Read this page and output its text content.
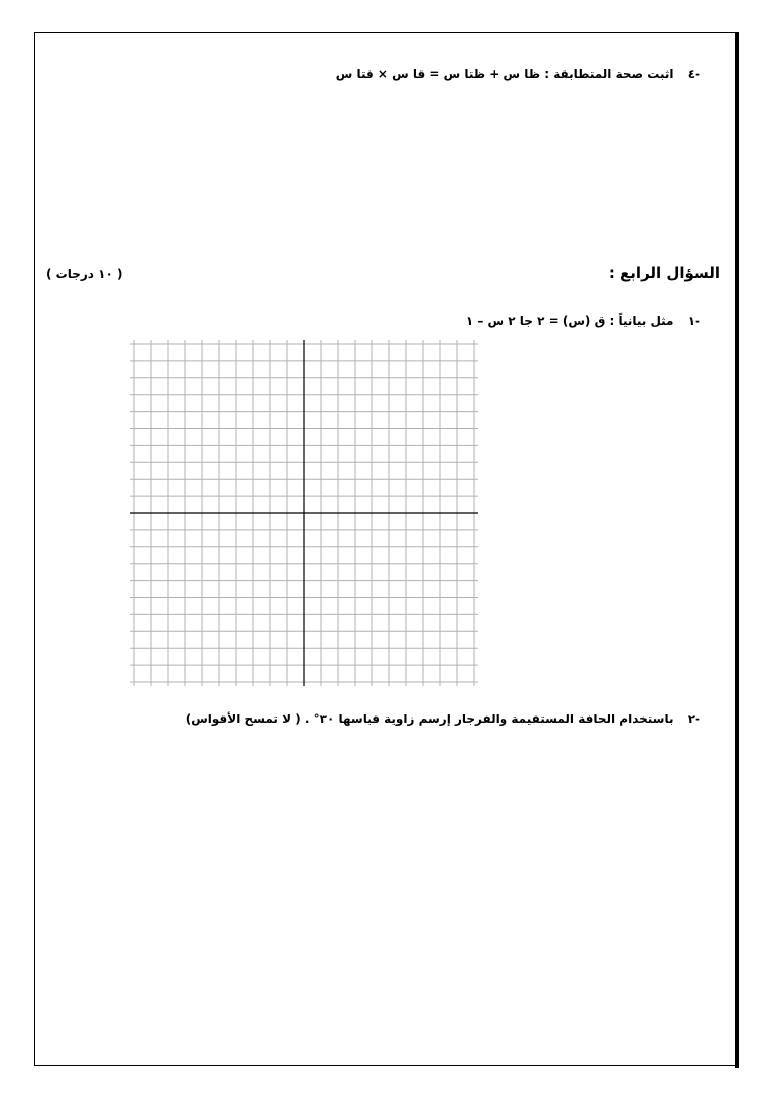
-٤ اثبت صحة المتطابقة : ظا س + ظتا س = قا س × قتا س
السؤال الرابع :
( ١٠ درجات )
-١ مثل بيانياً : ق (س) = ٢ جا ٢ س – ١
-٢ باستخدام الحافة المستقيمة والفرجار إرسم زاوية قياسها ٣٠° . ( لا تمسح الأقواس)
